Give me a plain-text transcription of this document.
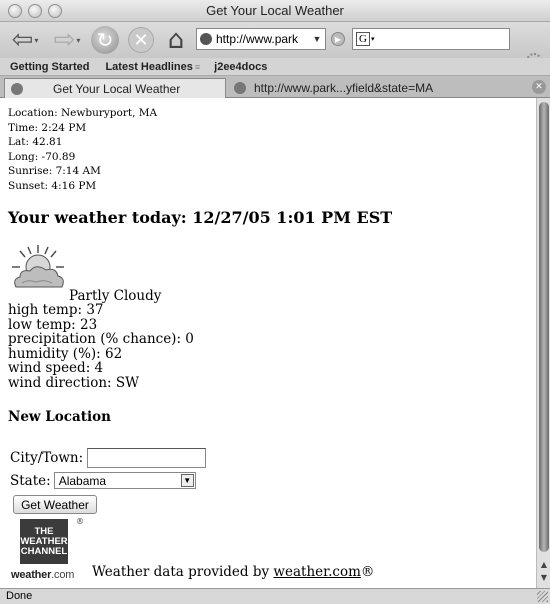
Get Your Local Weather
⇦ ▾ ⇨ ▾ ↻	✕ ⌂	http://www.park	▼	▶	G ▾
Getting Started Latest Headlines ≡ j2ee4docs
Get Your Local Weather	http://www.park...yfield&state=MA	✕
Location: Newburyport, MA
Time: 2:24 PM
Lat: 42.81
Long: -70.89
Sunrise: 7:14 AM
Sunset: 4:16 PM
Your weather today: 12/27/05 1:01 PM EST
Partly Cloudy
high temp: 37
low temp: 23
precipitation (% chance): 0
humidity (%): 62
wind speed: 4
wind direction: SW
New Location
City/Town:
State: Alabama	▼
Get Weather
THE
WEATHER
CHANNEL
®
weather.com Weather data provided by weather.com®	▲
▼
Done
